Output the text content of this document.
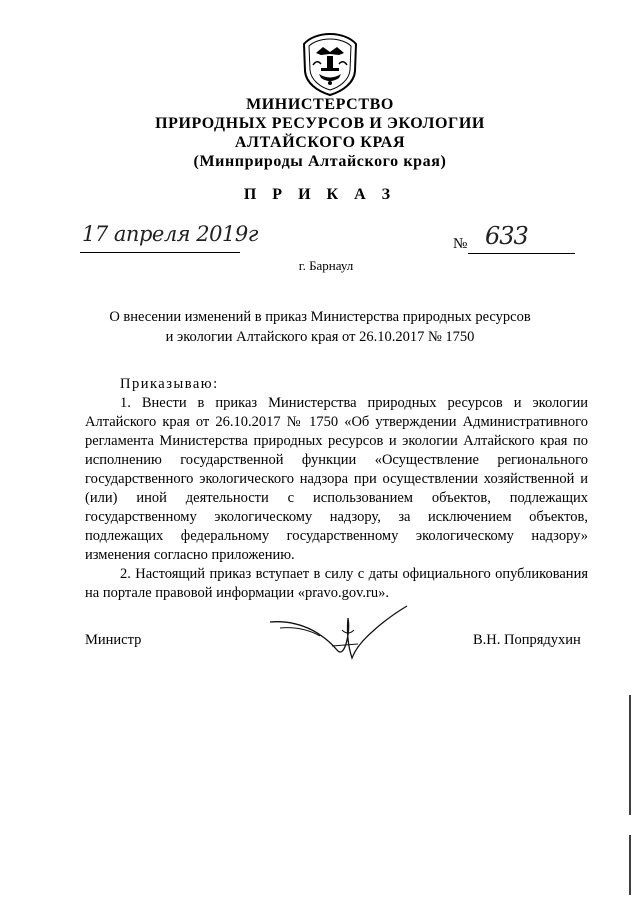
МИНИСТЕРСТВО
ПРИРОДНЫХ РЕСУРСОВ И ЭКОЛОГИИ
АЛТАЙСКОГО КРАЯ
(Минприроды Алтайского края)
П Р И К А З
17 апреля 2019г	№ 633
г. Барнаул
О внесении изменений в приказ Министерства природных ресурсов
и экологии Алтайского края от 26.10.2017 № 1750

Приказываю:

1. Внести в приказ Министерства природных ресурсов и экологии Алтайского края от 26.10.2017 № 1750 «Об утверждении Административного регламента Министерства природных ресурсов и экологии Алтайского края по исполнению государственной функции «Осуществление регионального государственного экологического надзора при осуществлении хозяйственной и (или) иной деятельности с использованием объектов, подлежащих государственному экологическому надзору, за исключением объектов, подлежащих федеральному государственному экологическому надзору» изменения согласно приложению.

2. Настоящий приказ вступает в силу с даты официального опубликования на портале правовой информации «pravo.gov.ru».

Министр	В.Н. Попрядухин
